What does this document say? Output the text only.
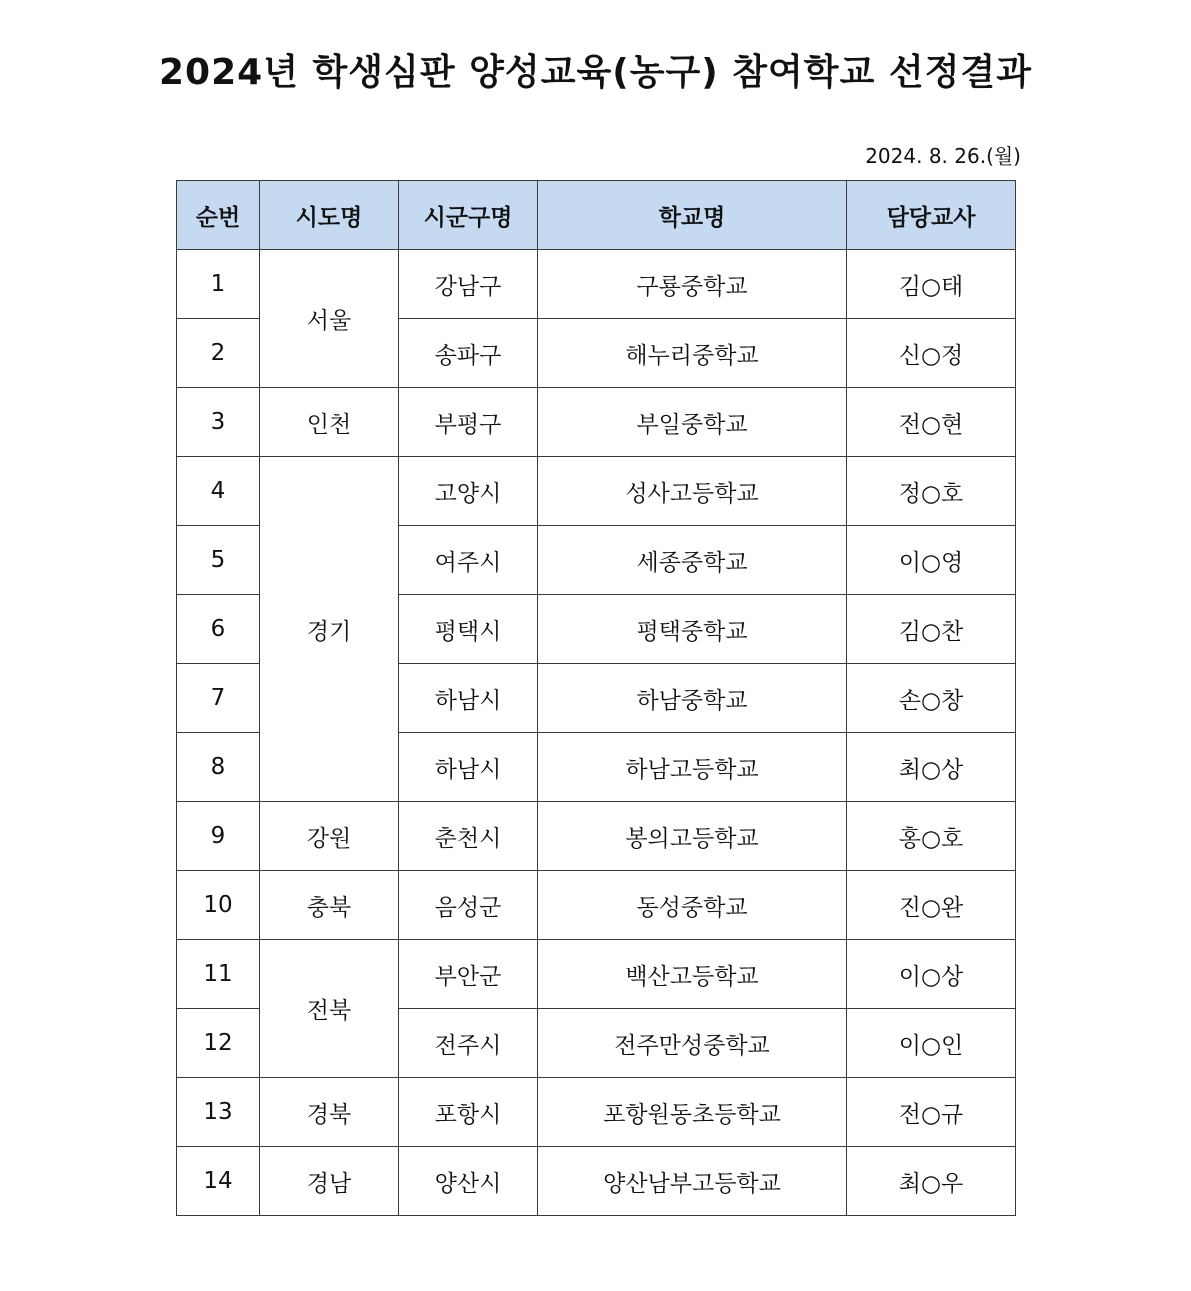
2024년 학생심판 양성교육(농구) 참여학교 선정결과
2024. 8. 26.(월)
순번	시도명	시군구명	학교명	담당교사
1	서울	강남구	구룡중학교	김○태
2		송파구	해누리중학교	신○정
3	인천	부평구	부일중학교	전○현
4	경기	고양시	성사고등학교	정○호
5		여주시	세종중학교	이○영
6		평택시	평택중학교	김○찬
7		하남시	하남중학교	손○창
8		하남시	하남고등학교	최○상
9	강원	춘천시	봉의고등학교	홍○호
10	충북	음성군	동성중학교	진○완
11	전북	부안군	백산고등학교	이○상
12		전주시	전주만성중학교	이○인
13	경북	포항시	포항원동초등학교	전○규
14	경남	양산시	양산남부고등학교	최○우
